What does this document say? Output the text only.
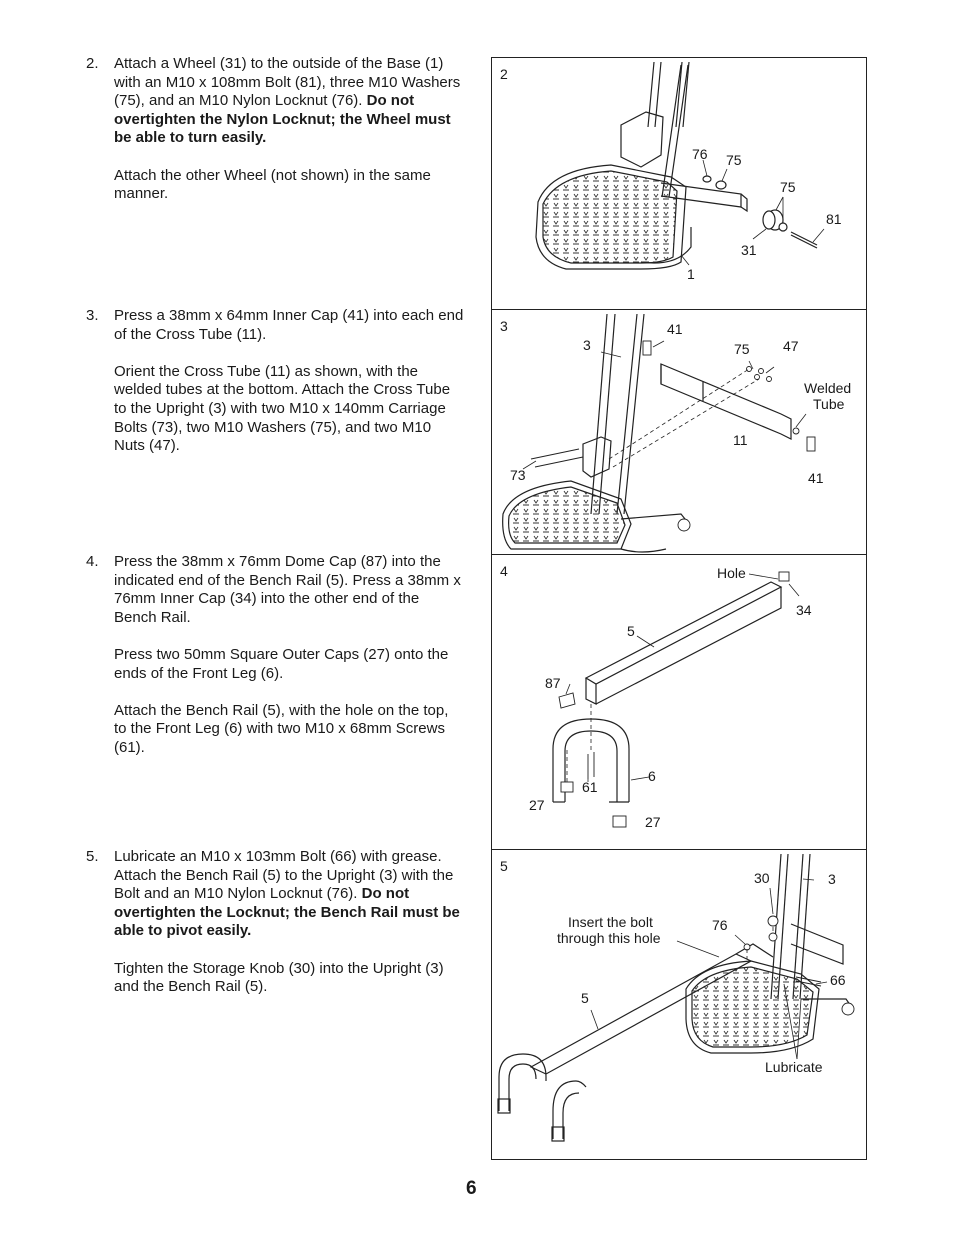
2. Attach a Wheel (31) to the outside of the Base (1) with an M10 x 108mm Bolt (81), three M10 Washers (75), and an M10 Nylon Locknut (76). Do not overtighten the Nylon Locknut; the Wheel must be able to turn easily.

Attach the other Wheel (not shown) in the same manner.

3. Press a 38mm x 64mm Inner Cap (41) into each end of the Cross Tube (11).

Orient the Cross Tube (11) as shown, with the welded tubes at the bottom. Attach the Cross Tube to the Upright (3) with two M10 x 140mm Carriage Bolts (73), two M10 Washers (75), and two M10 Nuts (47).

4. Press the 38mm x 76mm Dome Cap (87) into the indicated end of the Bench Rail (5). Press a 38mm x 76mm Inner Cap (34) into the other end of the Bench Rail.

Press two 50mm Square Outer Caps (27) onto the ends of the Front Leg (6).

Attach the Bench Rail (5), with the hole on the top, to the Front Leg (6) with two M10 x 68mm Screws (61).

5. Lubricate an M10 x 103mm Bolt (66) with grease. Attach the Bench Rail (5) to the Upright (3) with the Bolt and an M10 Nylon Locknut (76). Do not overtighten the Locknut; the Bench Rail must be able to pivot easily.

Tighten the Storage Knob (30) into the Upright (3) and the Bench Rail (5).

2
76 75
75
81
31
1
3
3
41
75 47
Welded
Tube
11
73	41
4	Hole
34
5
87
6
61
27
27
5
30	3
Insert the bolt
through this hole
76
66
5
Lubricate
6
